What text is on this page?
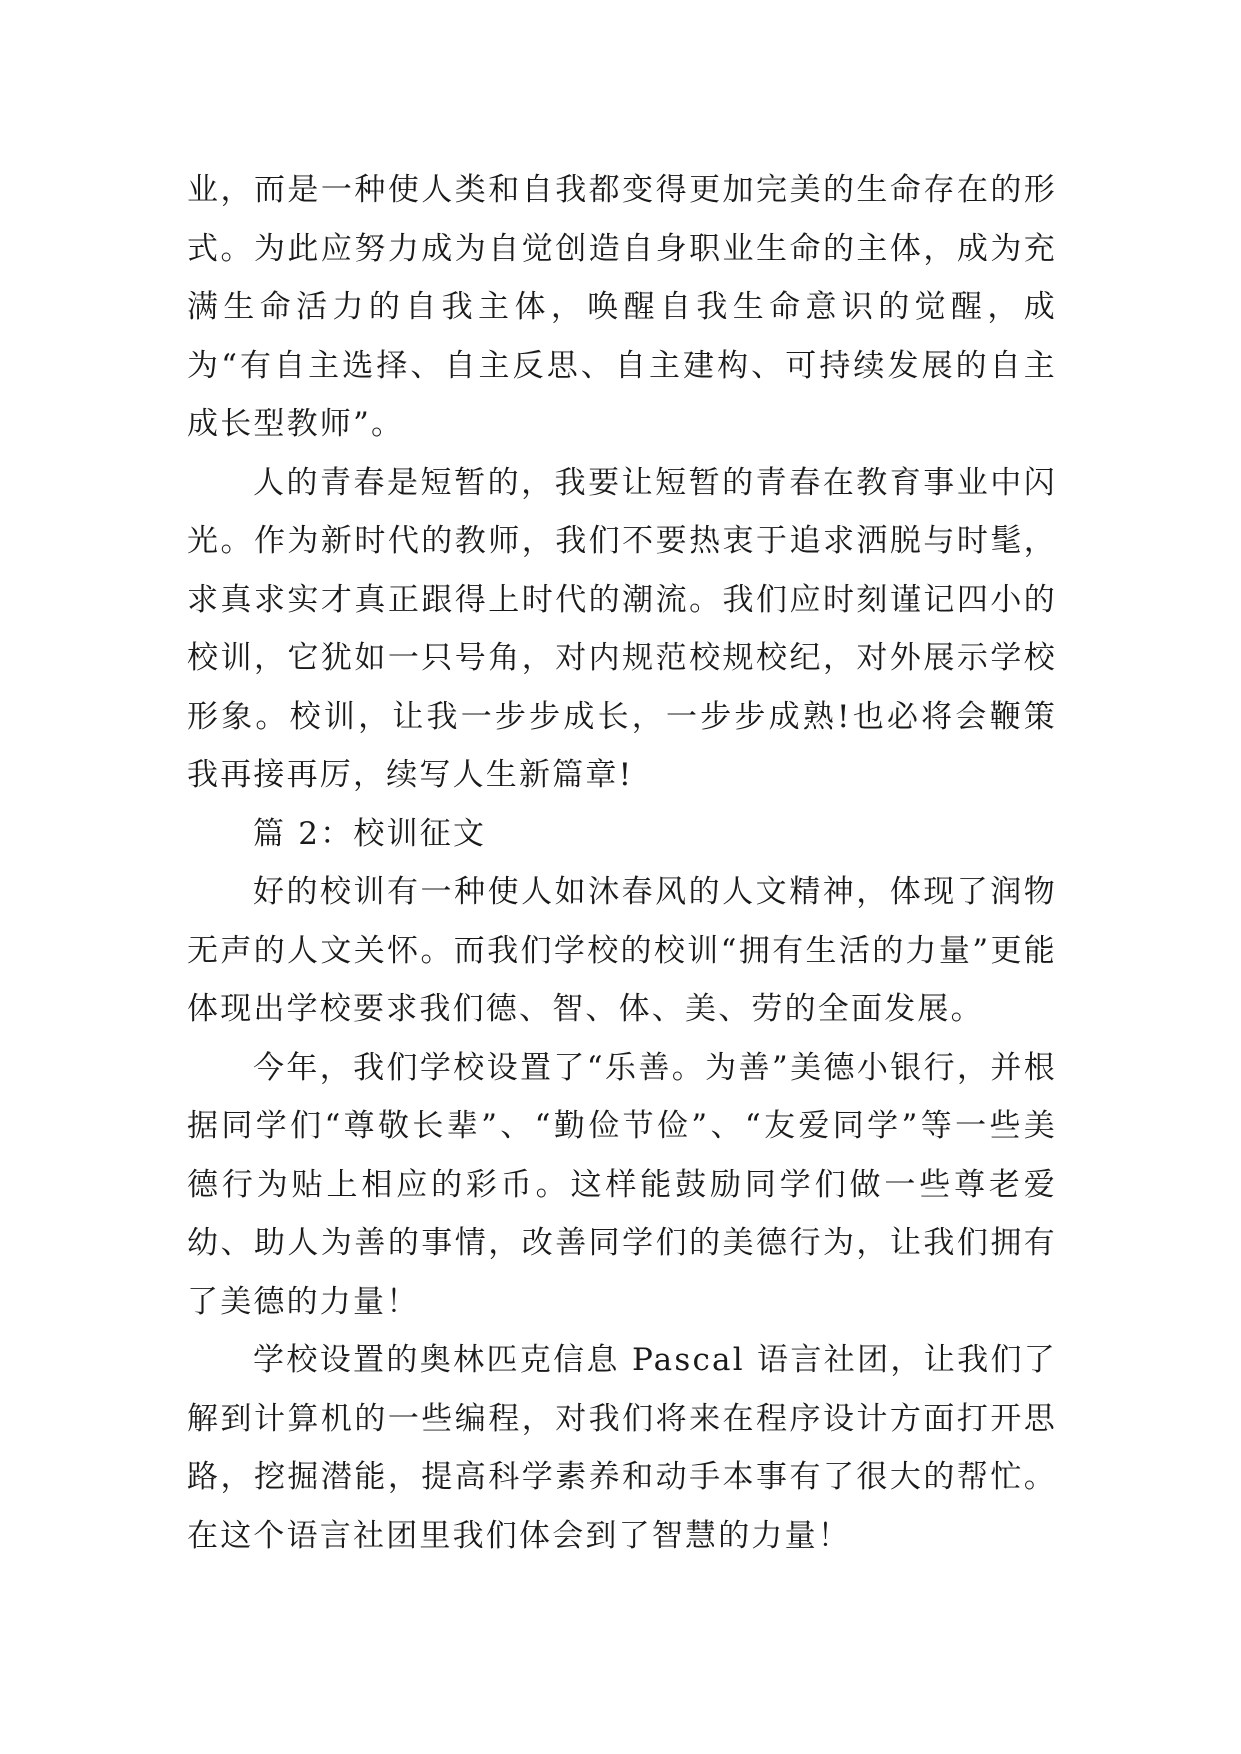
业，而是一种使人类和自我都变得更加完美的生命存在的形式。为此应努力成为自觉创造自身职业生命的主体，成为充满生命活力的自我主体，唤醒自我生命意识的觉醒，成为“有自主选择、自主反思、自主建构、可持续发展的自主成长型教师”。

人的青春是短暂的，我要让短暂的青春在教育事业中闪光。作为新时代的教师，我们不要热衷于追求洒脱与时髦，求真求实才真正跟得上时代的潮流。我们应时刻谨记四小的校训，它犹如一只号角，对内规范校规校纪，对外展示学校形象。校训，让我一步步成长，一步步成熟!也必将会鞭策我再接再厉，续写人生新篇章!

篇 2：校训征文

好的校训有一种使人如沐春风的人文精神，体现了润物无声的人文关怀。而我们学校的校训“拥有生活的力量”更能体现出学校要求我们德、智、体、美、劳的全面发展。

今年，我们学校设置了“乐善。为善”美德小银行，并根据同学们“尊敬长辈”、“勤俭节俭”、“友爱同学”等一些美德行为贴上相应的彩币。这样能鼓励同学们做一些尊老爱幼、助人为善的事情，改善同学们的美德行为，让我们拥有了美德的力量！

学校设置的奥林匹克信息 Pascal 语言社团，让我们了解到计算机的一些编程，对我们将来在程序设计方面打开思路，挖掘潜能，提高科学素养和动手本事有了很大的帮忙。在这个语言社团里我们体会到了智慧的力量！
